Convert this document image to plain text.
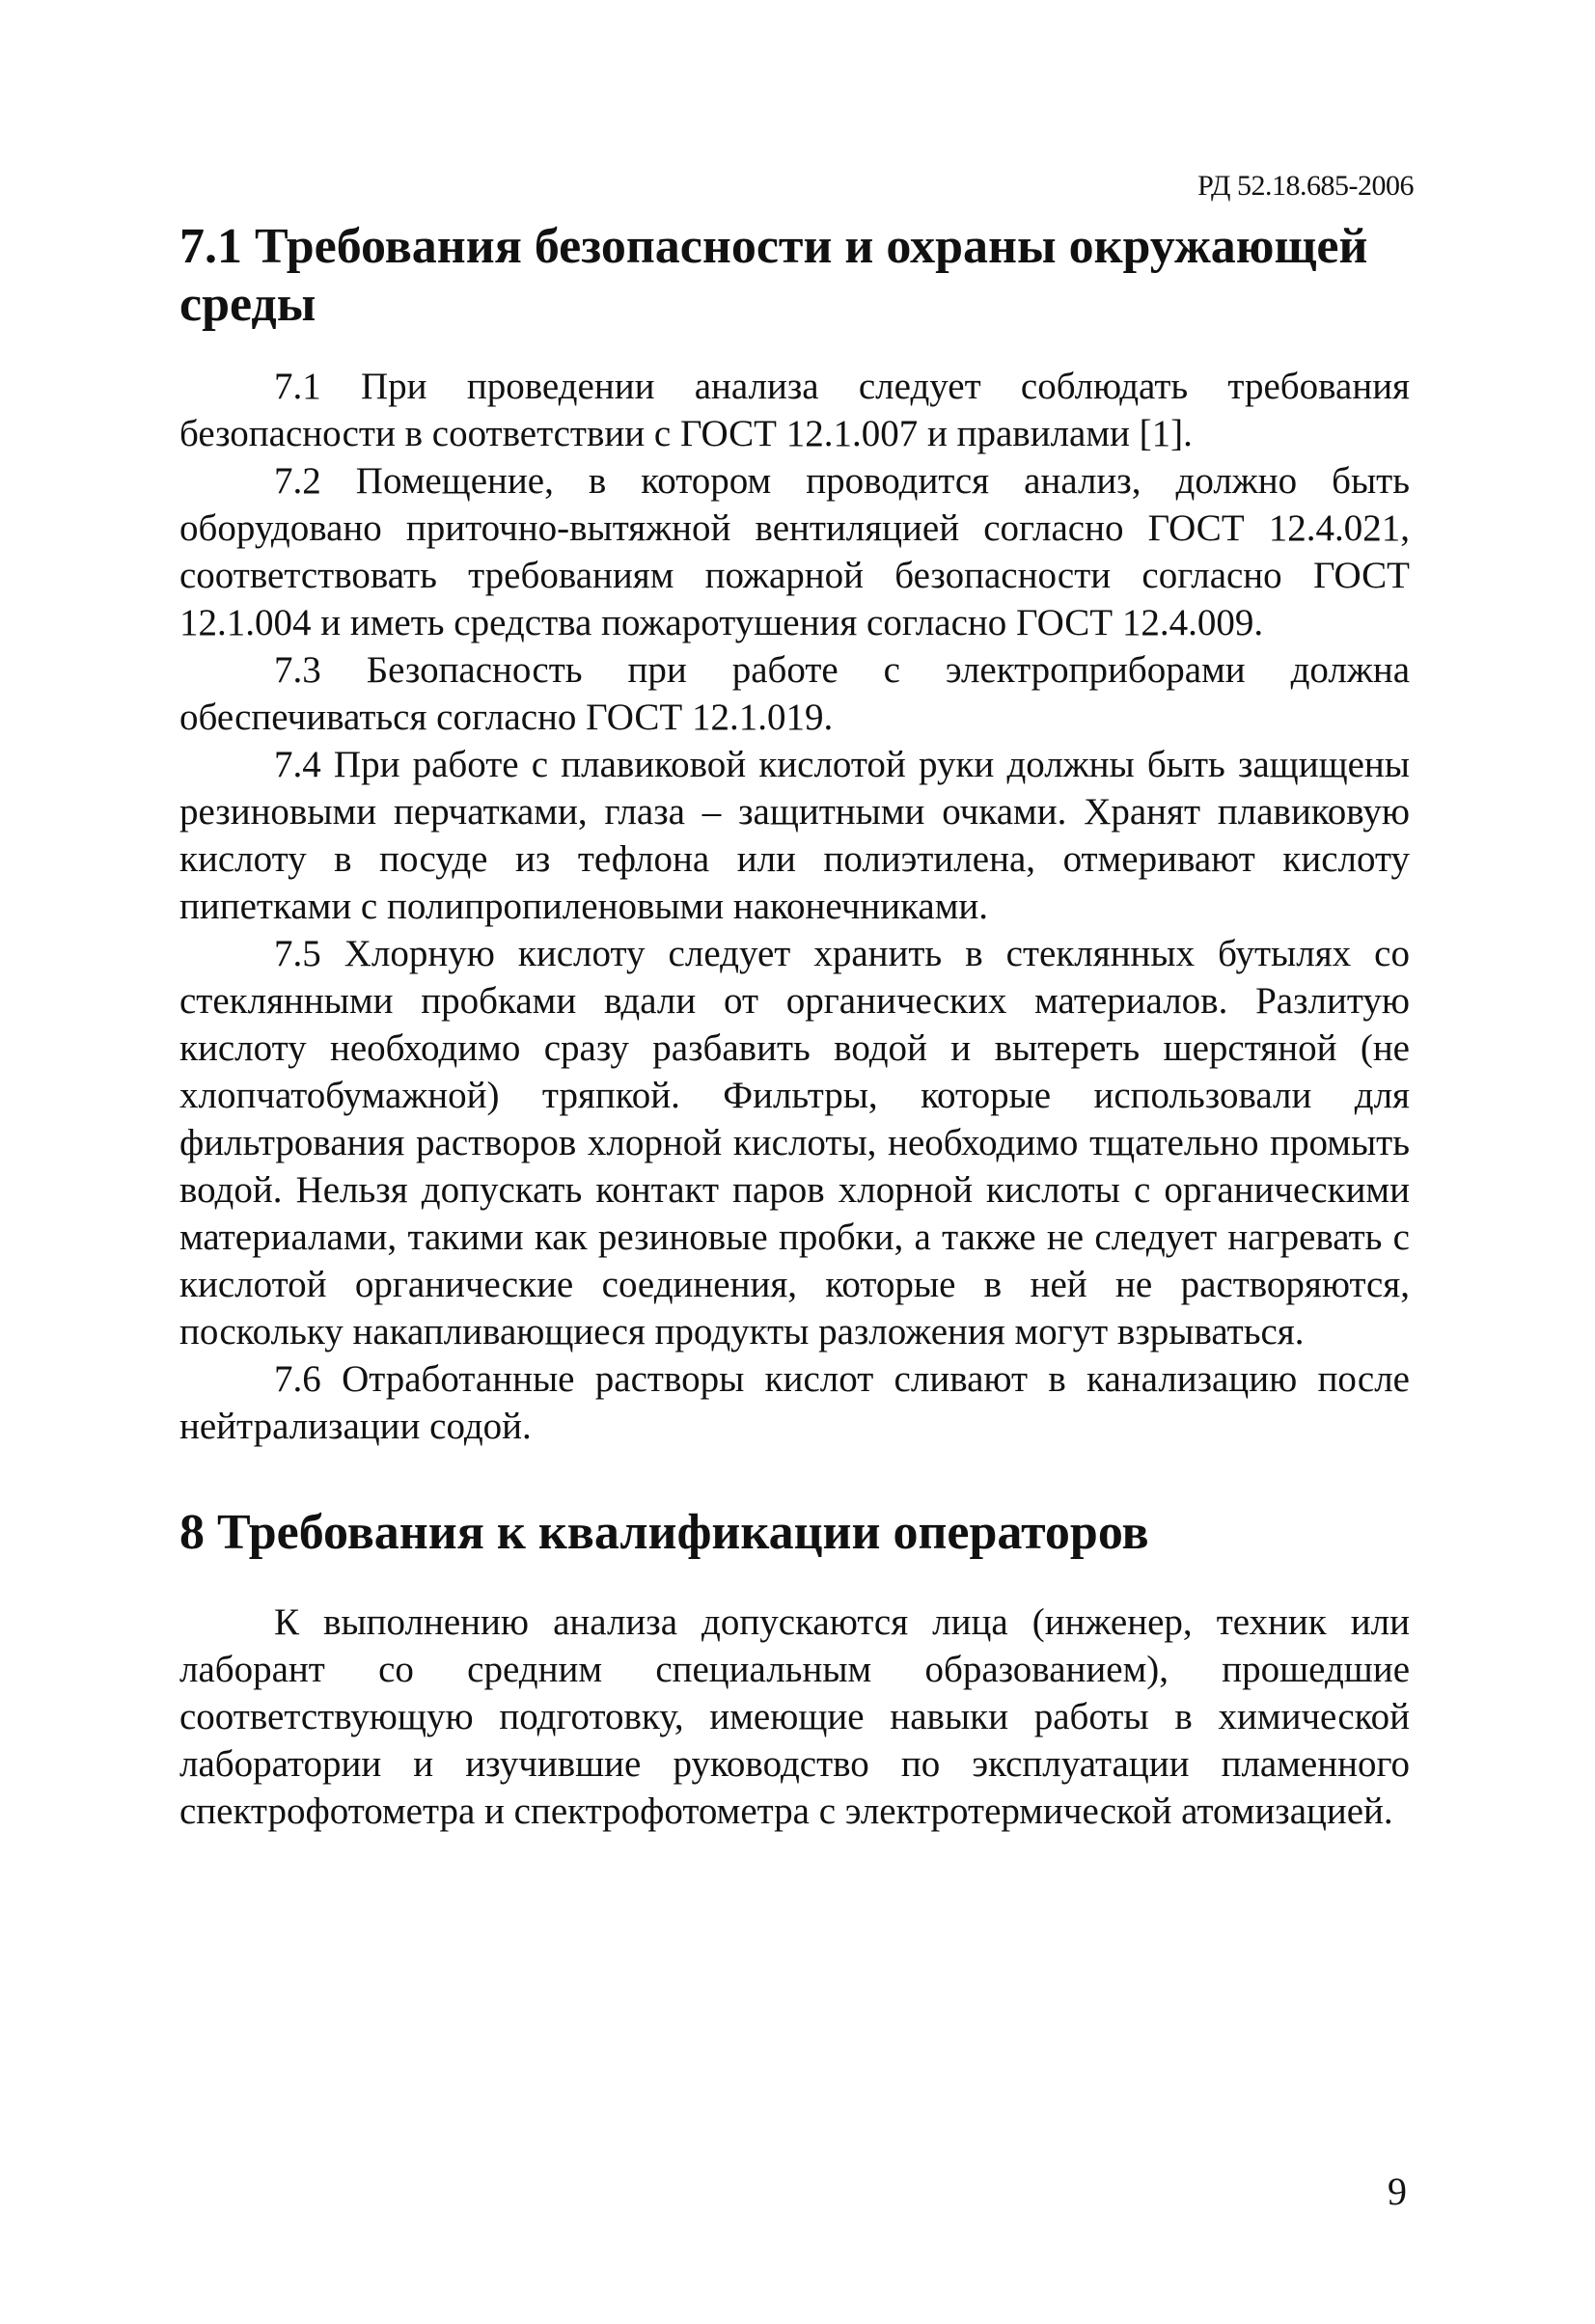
РД 52.18.685-2006
7.1 Требования безопасности и охраны окружающей среды

7.1 При проведении анализа следует соблюдать требования безопасности в соответствии с ГОСТ 12.1.007 и правилами [1].

7.2 Помещение, в котором проводится анализ, должно быть оборудовано приточно-вытяжной вентиляцией согласно ГОСТ 12.4.021, соответствовать требованиям пожарной безопасности согласно ГОСТ 12.1.004 и иметь средства пожаротушения согласно ГОСТ 12.4.009.

7.3 Безопасность при работе с электроприборами должна обеспечиваться согласно ГОСТ 12.1.019.

7.4 При работе с плавиковой кислотой руки должны быть защищены резиновыми перчатками, глаза – защитными очками. Хранят плавиковую кислоту в посуде из тефлона или полиэтилена, отмеривают кислоту пипетками с полипропиленовыми наконечниками.

7.5 Хлорную кислоту следует хранить в стеклянных бутылях со стеклянными пробками вдали от органических материалов. Разлитую кислоту необходимо сразу разбавить водой и вытереть шерстяной (не хлопчатобумажной) тряпкой. Фильтры, которые использовали для фильтрования растворов хлорной кислоты, необходимо тщательно промыть водой. Нельзя допускать контакт паров хлорной кислоты с органическими материалами, такими как резиновые пробки, а также не следует нагревать с кислотой органические соединения, которые в ней не растворяются, поскольку накапливающиеся продукты разложения могут взрываться.

7.6 Отработанные растворы кислот сливают в канализацию после нейтрализации содой.

8 Требования к квалификации операторов

К выполнению анализа допускаются лица (инженер, техник или лаборант со средним специальным образованием), прошедшие соответствующую подготовку, имеющие навыки работы в химической лаборатории и изучившие руководство по эксплуатации пламенного спектрофотометра и спектрофотометра с электротермической атомизацией.

9
